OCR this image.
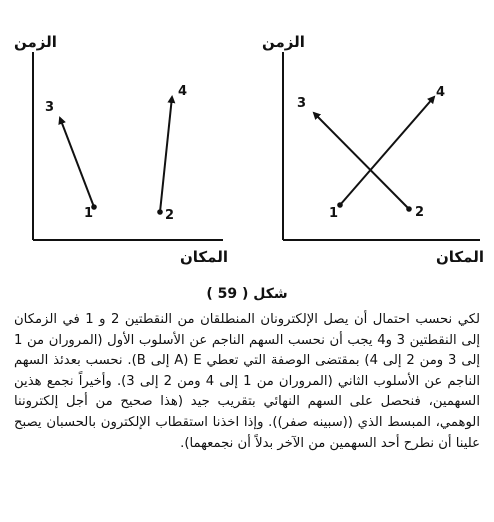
الزمن
المكان
1	2
3
4
الزمن
المكان
1	2
3
4
شكل ( 59 )

لكي نحسب احتمال أن يصل الإلكترونان المنطلقان من النقطتين 2 و 1 في الزمكان إلى النقطتين 3 و4 يجب أن نحسب السهم الناجم عن الأسلوب الأول (المروران من 1 إلى 3 ومن 2 إلى 4) بمقتضى الوصفة التي تعطي E (A إلى B). نحسب بعدئذ السهم الناجم عن الأسلوب الثاني (المروران من 1 إلى 4 ومن 2 إلى 3). وأخيراً نجمع هذين السهمين، فنحصل على السهم النهائي بتقريب جيد (هذا صحيح من أجل إلكتروننا الوهمي، المبسط الذي ((سبينه صفر)). وإذا اخذنا استقطاب الإلكترون بالحسبان يصبح علينا أن نطرح أحد السهمين من الآخر بدلاً أن نجمعهما).
